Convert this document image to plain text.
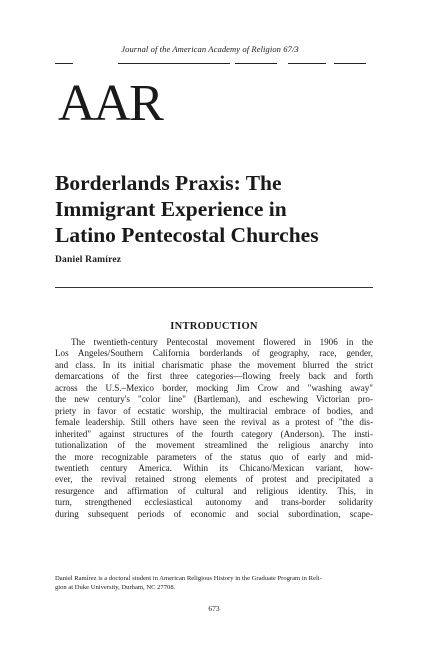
Journal of the American Academy of Religion 67/3
AAR
Borderlands Praxis: The
Immigrant Experience in
Latino Pentecostal Churches
Daniel Ramírez
INTRODUCTION
The twentieth-century Pentecostal movement flowered in 1906 in the
Los Angeles/Southern California borderlands of geography, race, gender,
and class. In its initial charismatic phase the movement blurred the strict
demarcations of the first three categories—flowing freely back and forth
across the U.S.–Mexico border, mocking Jim Crow and "washing away"
the new century's "color line" (Bartleman), and eschewing Victorian pro-
priety in favor of ecstatic worship, the multiracial embrace of bodies, and
female leadership. Still others have seen the revival as a protest of "the dis-
inherited" against structures of the fourth category (Anderson). The insti-
tutionalization of the movement streamlined the religious anarchy into
the more recognizable parameters of the status quo of early and mid-
twentieth century America. Within its Chicano/Mexican variant, how-
ever, the revival retained strong elements of protest and precipitated a
resurgence and affirmation of cultural and religious identity. This, in
turn, strengthened ecclesiastical autonomy and trans-border solidarity
during subsequent periods of economic and social subordination, scape-
Daniel Ramírez is a doctoral student in American Religious History in the Graduate Program in Reli-
gion at Duke University, Durham, NC 27708.
673
